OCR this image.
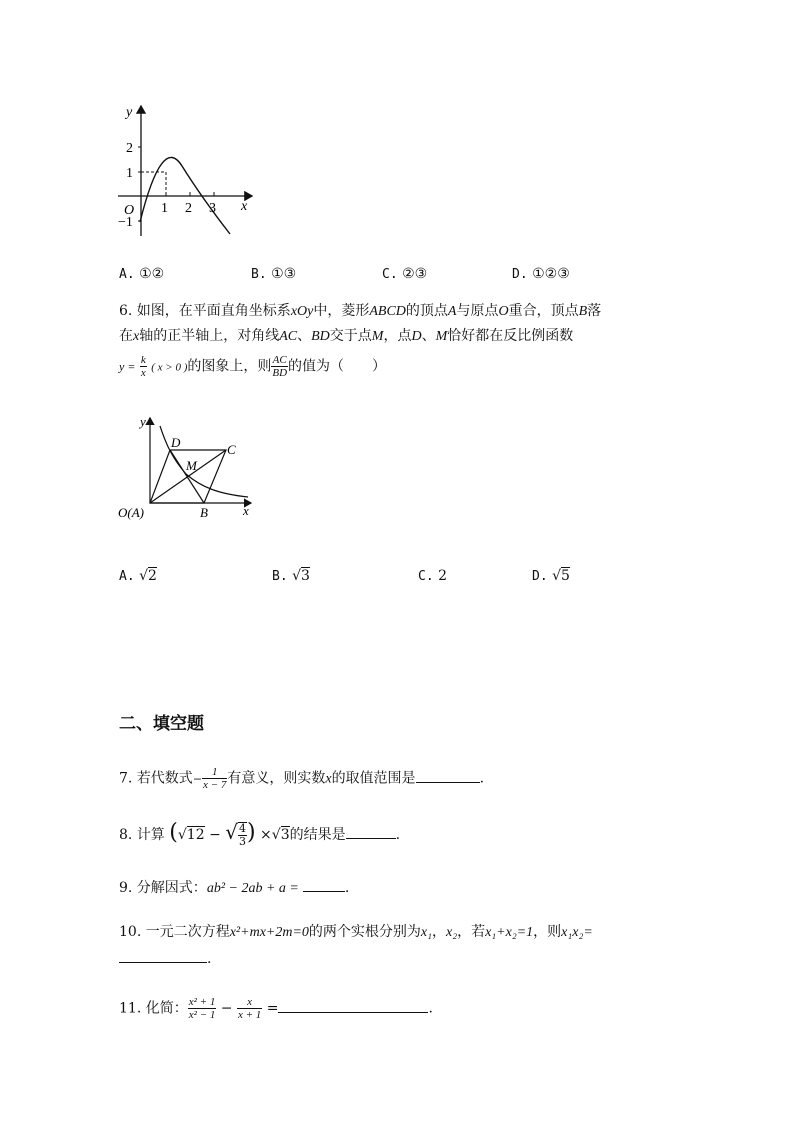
y
x
O
2
1
−1
1 2 3
A. ①②	B. ①③	C. ②③	D. ①②③
6. 如图，在平面直角坐标系xOy中，菱形ABCD的顶点A与原点O重合，顶点B落
在x轴的正半轴上，对角线AC、BD交于点M，点D、M恰好都在反比例函数
$y = \frac{k}{x}$ ( x > 0 )的图象上，则 $\frac{AC}{BD}$ 的值为（　　）
y
x
D	C
M
B
O(A)
A. √2	B. √3	C. 2	D. √5
二、填空题
7. 若代数式− $\frac{1}{x - 7}$ 有意义，则实数x的取值范围是	.
8. 计算 (√12 − √ $\frac{4}{3}$ ) ×√3的结果是	.
9. 分解因式：ab² − 2ab + a =	.
10. 一元二次方程x²+mx+2m=0的两个实根分别为x₁，x₂，若x₁+x₂=1，则x₁x₂=
.
11. 化简： $\frac{\text{x² + 1}}{\text{x² − 1}} - \frac{x}{x + 1}$ =	.
